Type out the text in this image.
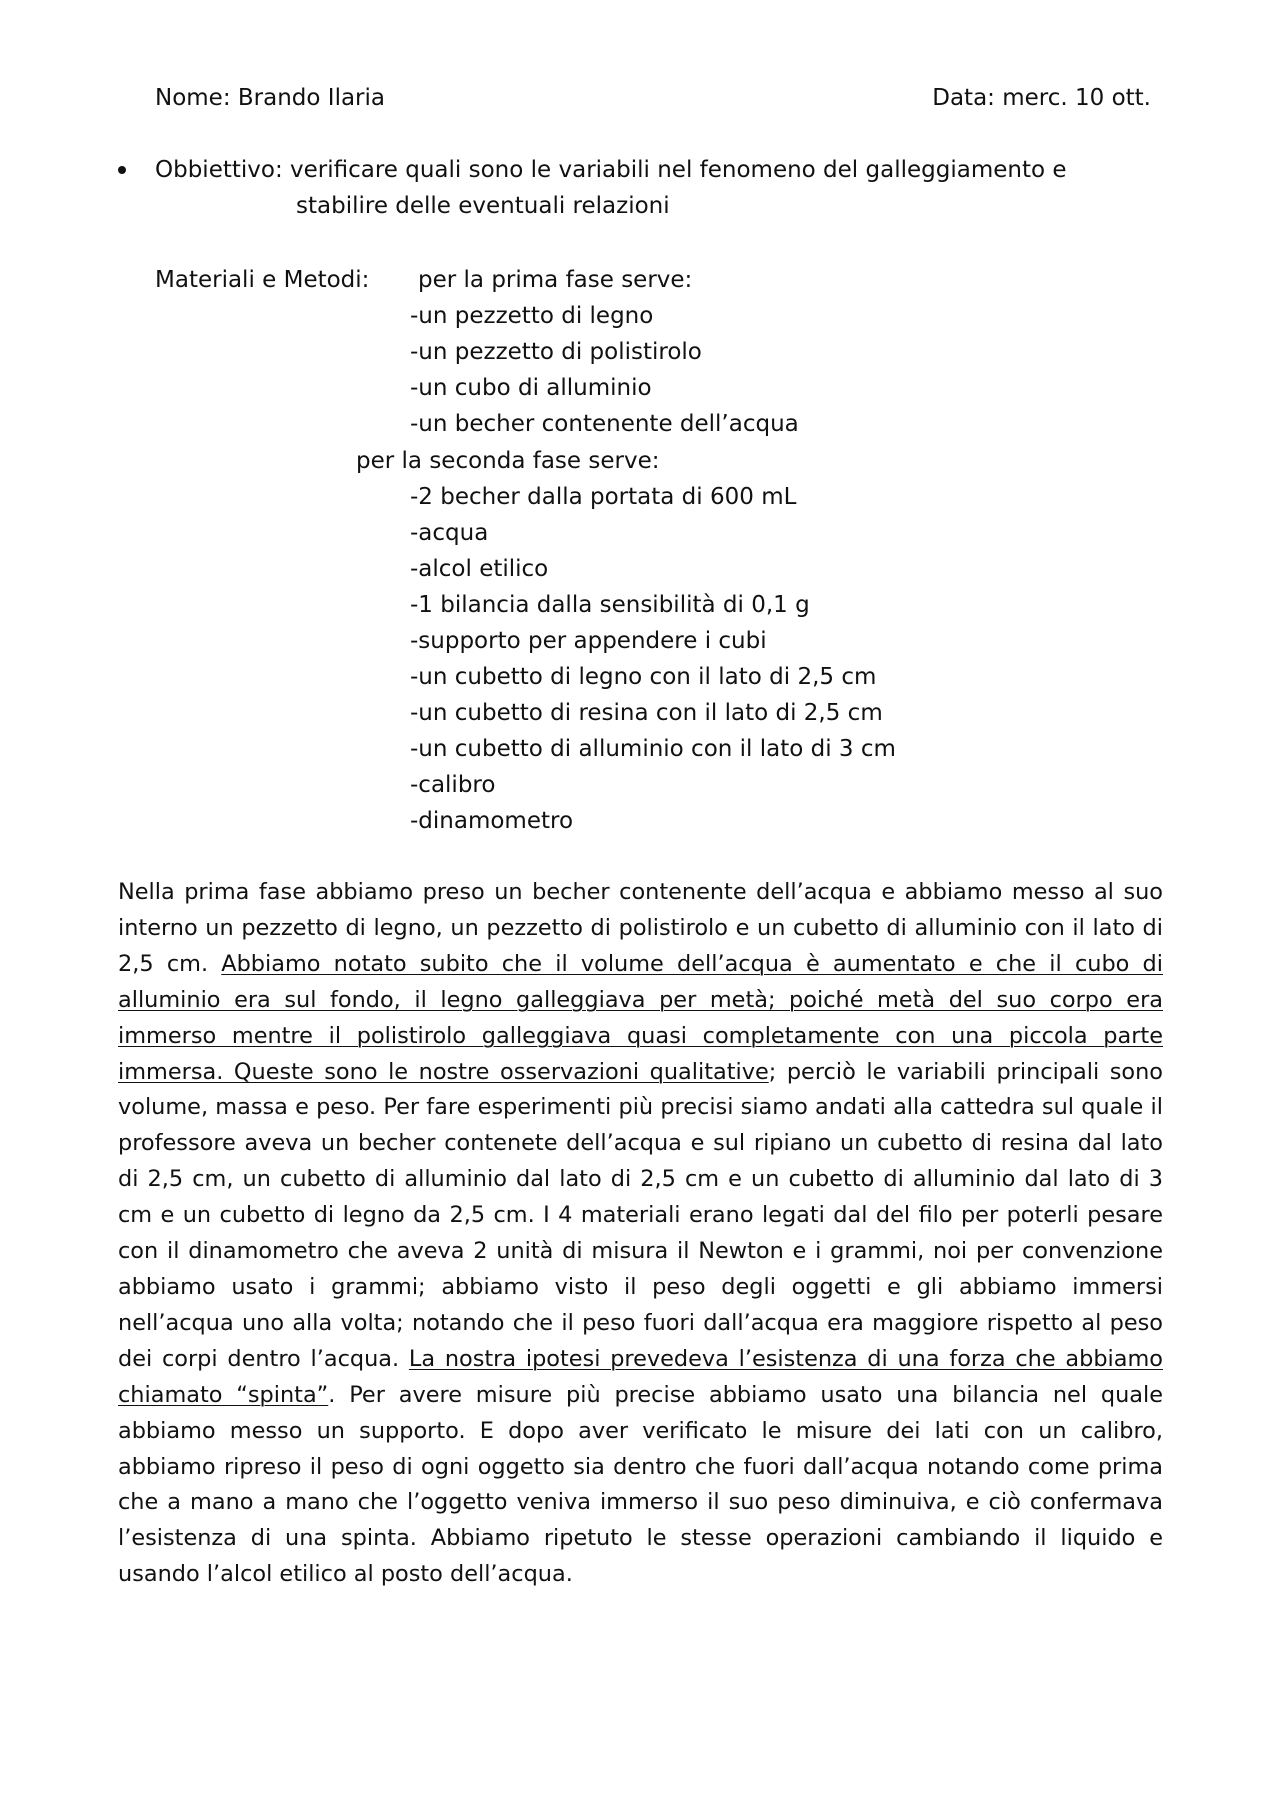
Nome: Brando Ilaria	Data: merc. 10 ott.
Obbiettivo: verificare quali sono le variabili nel fenomeno del galleggiamento e
stabilire delle eventuali relazioni
Materiali e Metodi: per la prima fase serve:
-un pezzetto di legno
-un pezzetto di polistirolo
-un cubo di alluminio
-un becher contenente dell’acqua
per la seconda fase serve:
-2 becher dalla portata di 600 mL
-acqua
-alcol etilico
-1 bilancia dalla sensibilità di 0,1 g
-supporto per appendere i cubi
-un cubetto di legno con il lato di 2,5 cm
-un cubetto di resina con il lato di 2,5 cm
-un cubetto di alluminio con il lato di 3 cm
-calibro
-dinamometro

Nella prima fase abbiamo preso un becher contenente dell’acqua e abbiamo messo al suo interno un pezzetto di legno, un pezzetto di polistirolo e un cubetto di alluminio con il lato di 2,5 cm. Abbiamo notato subito che il volume dell’acqua è aumentato e che il cubo di alluminio era sul fondo, il legno galleggiava per metà; poiché metà del suo corpo era immerso mentre il polistirolo galleggiava quasi completamente con una piccola parte immersa. Queste sono le nostre osservazioni qualitative; perciò le variabili principali sono volume, massa e peso. Per fare esperimenti più precisi siamo andati alla cattedra sul quale il professore aveva un becher contenete dell’acqua e sul ripiano un cubetto di resina dal lato di 2,5 cm, un cubetto di alluminio dal lato di 2,5 cm e un cubetto di alluminio dal lato di 3 cm e un cubetto di legno da 2,5 cm. I 4 materiali erano legati dal del filo per poterli pesare con il dinamometro che aveva 2 unità di misura il Newton e i grammi, noi per convenzione abbiamo usato i grammi; abbiamo visto il peso degli oggetti e gli abbiamo immersi nell’acqua uno alla volta; notando che il peso fuori dall’acqua era maggiore rispetto al peso dei corpi dentro l’acqua. La nostra ipotesi prevedeva l’esistenza di una forza che abbiamo chiamato “spinta”. Per avere misure più precise abbiamo usato una bilancia nel quale abbiamo messo un supporto. E dopo aver verificato le misure dei lati con un calibro, abbiamo ripreso il peso di ogni oggetto sia dentro che fuori dall’acqua notando come prima che a mano a mano che l’oggetto veniva immerso il suo peso diminuiva, e ciò confermava l’esistenza di una spinta. Abbiamo ripetuto le stesse operazioni cambiando il liquido e usando l’alcol etilico al posto dell’acqua.
